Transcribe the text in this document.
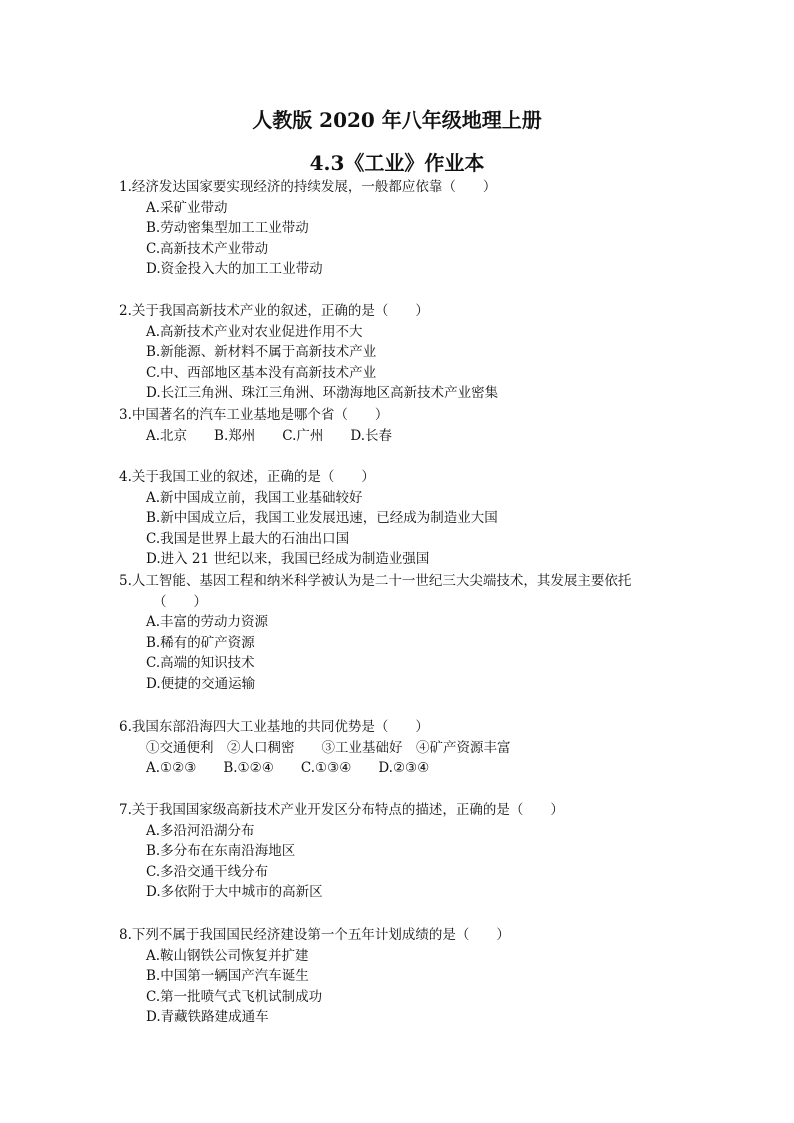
人教版 2020 年八年级地理上册
4.3《工业》作业本
1.经济发达国家要实现经济的持续发展，一般都应依靠（　　）
A.采矿业带动
B.劳动密集型加工工业带动
C.高新技术产业带动
D.资金投入大的加工工业带动
2.关于我国高新技术产业的叙述，正确的是（　　）
A.高新技术产业对农业促进作用不大
B.新能源、新材料不属于高新技术产业
C.中、西部地区基本没有高新技术产业
D.长江三角洲、珠江三角洲、环渤海地区高新技术产业密集
3.中国著名的汽车工业基地是哪个省（　　）
A.北京　　B.郑州　　C.广州　　D.长春
4.关于我国工业的叙述，正确的是（　　）
A.新中国成立前，我国工业基础较好
B.新中国成立后，我国工业发展迅速，已经成为制造业大国
C.我国是世界上最大的石油出口国
D.进入 21 世纪以来，我国已经成为制造业强国
5.人工智能、基因工程和纳米科学被认为是二十一世纪三大尖端技术，其发展主要依托
（　　）
A.丰富的劳动力资源
B.稀有的矿产资源
C.高端的知识技术
D.便捷的交通运输
6.我国东部沿海四大工业基地的共同优势是（　　）
①交通便利　②人口稠密　　③工业基础好　④矿产资源丰富
A.①②③　　B.①②④　　C.①③④　　D.②③④
7.关于我国国家级高新技术产业开发区分布特点的描述，正确的是（　　）
A.多沿河沿湖分布
B.多分布在东南沿海地区
C.多沿交通干线分布
D.多依附于大中城市的高新区
8.下列不属于我国国民经济建设第一个五年计划成绩的是（　　）
A.鞍山钢铁公司恢复并扩建
B.中国第一辆国产汽车诞生
C.第一批喷气式飞机试制成功
D.青藏铁路建成通车
